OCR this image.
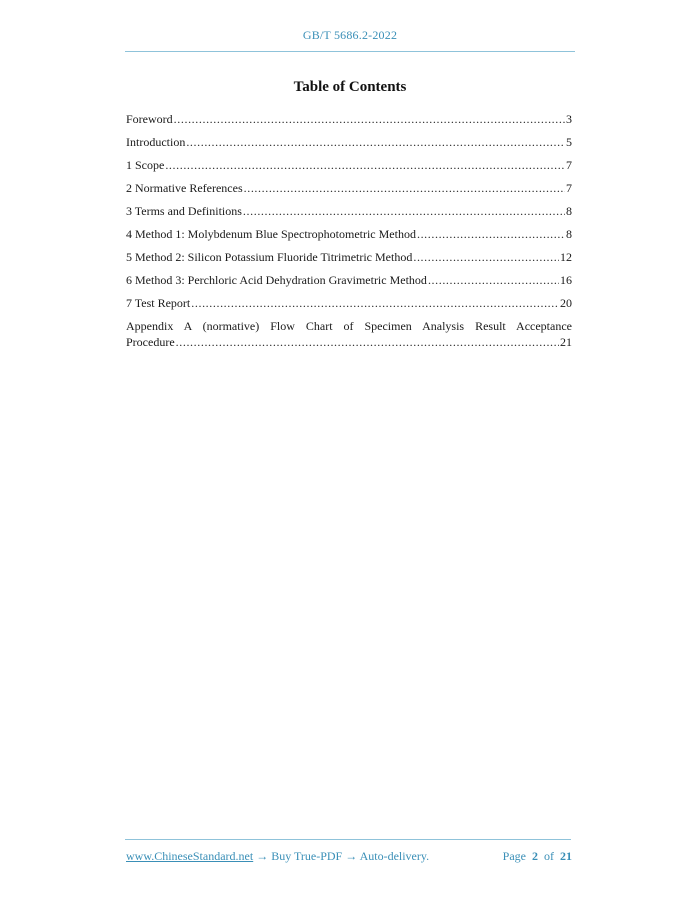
GB/T 5686.2-2022
Table of Contents
Foreword .....	3
Introduction .....	5
1 Scope .....	7
2 Normative References .....	7
3 Terms and Definitions .....	8
4 Method 1: Molybdenum Blue Spectrophotometric Method .....	8
5 Method 2: Silicon Potassium Fluoride Titrimetric Method .....	12
6 Method 3: Perchloric Acid Dehydration Gravimetric Method .....	16
7 Test Report .....	20
Appendix A (normative) Flow Chart of Specimen Analysis Result Acceptance
Procedure .....	21
www.ChineseStandard.net → Buy True-PDF → Auto-delivery.	Page 2 of 21
